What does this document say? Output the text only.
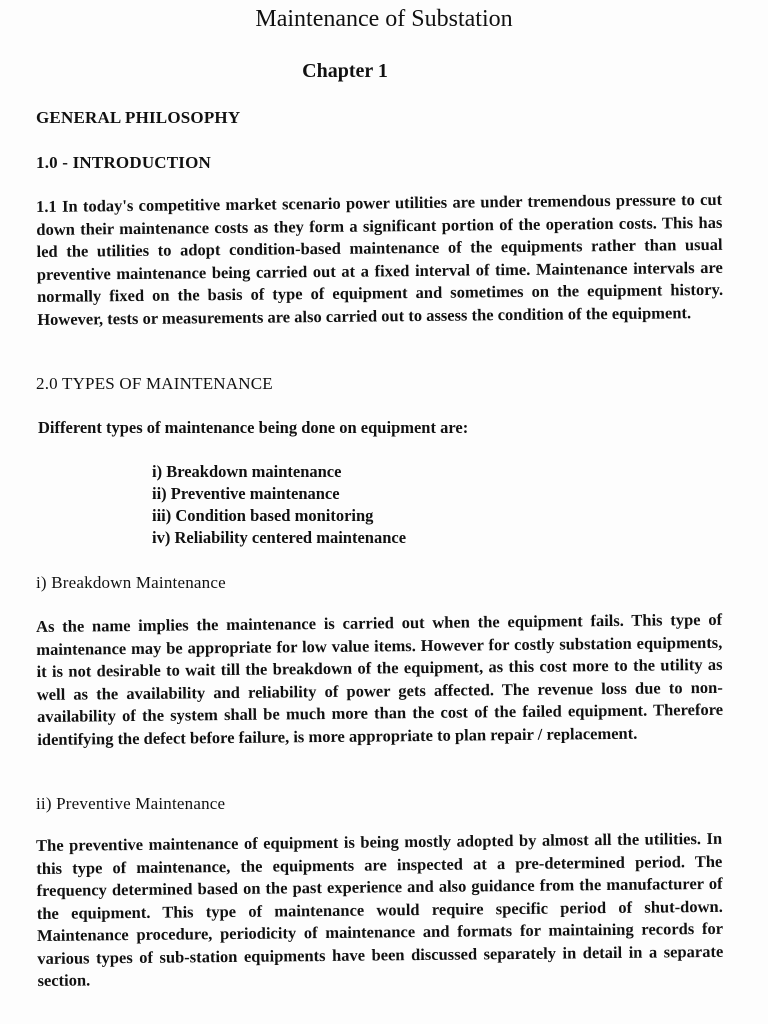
Maintenance of Substation
Chapter 1
GENERAL PHILOSOPHY
1.0 - INTRODUCTION
1.1 In today's competitive market scenario power utilities are under tremendous pressure to cut down their maintenance costs as they form a significant portion of the operation costs. This has led the utilities to adopt condition-based maintenance of the equipments rather than usual preventive maintenance being carried out at a fixed interval of time. Maintenance intervals are normally fixed on the basis of type of equipment and sometimes on the equipment history. However, tests or measurements are also carried out to assess the condition of the equipment.
2.0 TYPES OF MAINTENANCE
Different types of maintenance being done on equipment are:
i) Breakdown maintenance
ii) Preventive maintenance
iii) Condition based monitoring
iv) Reliability centered maintenance
i) Breakdown Maintenance
As the name implies the maintenance is carried out when the equipment fails. This type of maintenance may be appropriate for low value items. However for costly substation equipments, it is not desirable to wait till the breakdown of the equipment, as this cost more to the utility as well as the availability and reliability of power gets affected. The revenue loss due to non-availability of the system shall be much more than the cost of the failed equipment. Therefore identifying the defect before failure, is more appropriate to plan repair / replacement.
ii) Preventive Maintenance
The preventive maintenance of equipment is being mostly adopted by almost all the utilities. In this type of maintenance, the equipments are inspected at a pre-determined period. The frequency determined based on the past experience and also guidance from the manufacturer of the equipment. This type of maintenance would require specific period of shut-down. Maintenance procedure, periodicity of maintenance and formats for maintaining records for various types of sub-station equipments have been discussed separately in detail in a separate section.
